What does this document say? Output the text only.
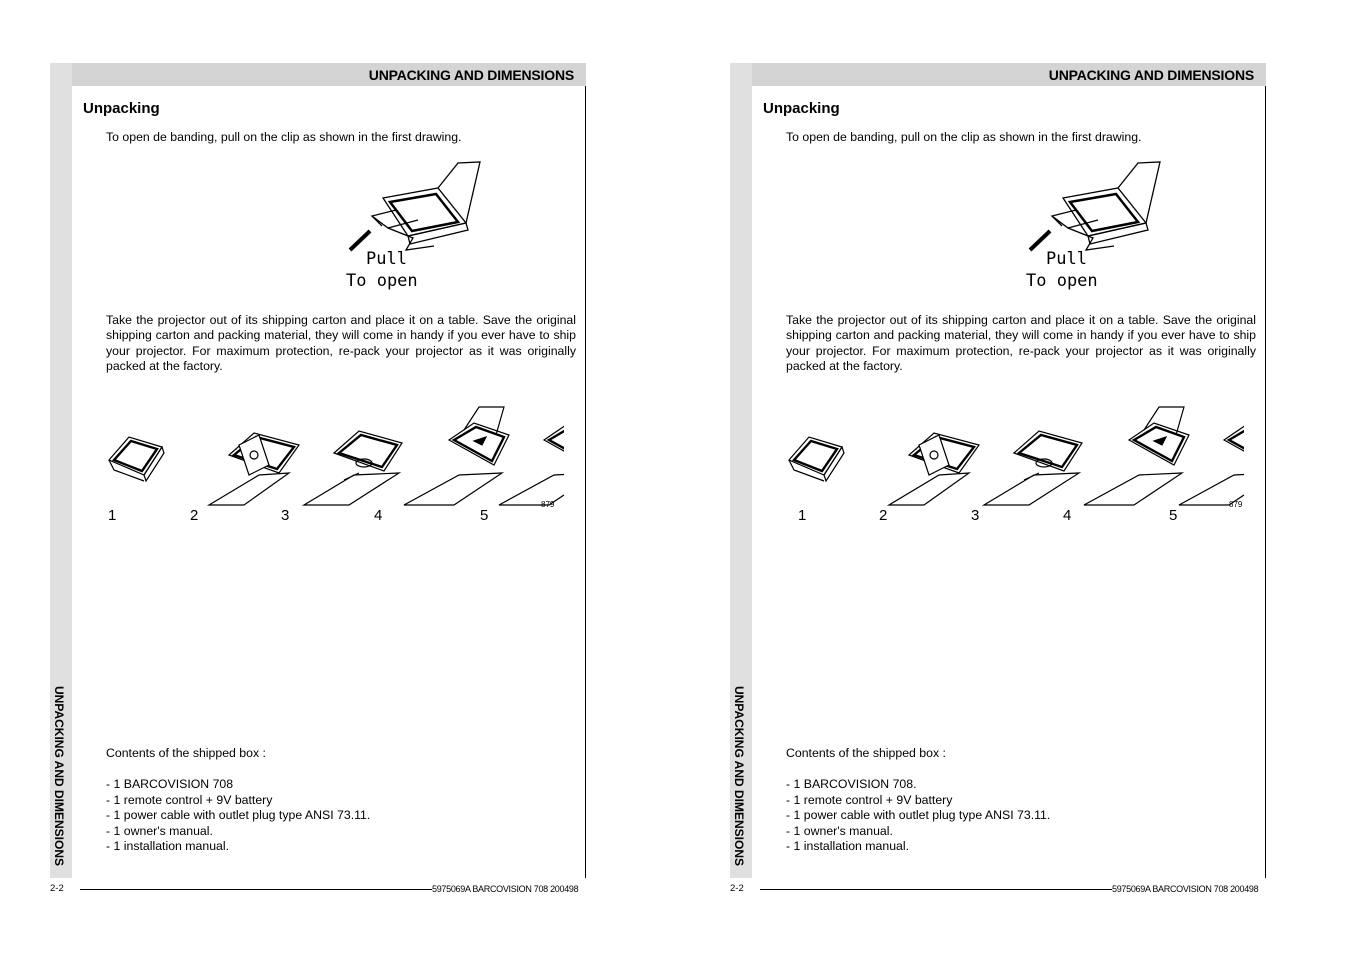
UNPACKING AND DIMENSIONS
UNPACKING AND DIMENSIONS
Unpacking
To open de banding, pull on the clip as shown in the first drawing.
Pull
To open
Take the projector out of its shipping carton and place it on a table. Save the original shipping carton and packing material, they will come in handy if you ever have to ship your projector. For maximum protection, re-pack your projector as it was originally packed at the factory.
1	2	3	4	5
879
Contents of the shipped box :
- 1 BARCOVISION 708
- 1 remote control + 9V battery
- 1 power cable with outlet plug type ANSI 73.11.
- 1 owner's manual.
- 1 installation manual.
2-2	5975069A BARCOVISION 708 200498
UNPACKING AND DIMENSIONS
UNPACKING AND DIMENSIONS
Unpacking
To open de banding, pull on the clip as shown in the first drawing.
Pull
To open
Take the projector out of its shipping carton and place it on a table. Save the original shipping carton and packing material, they will come in handy if you ever have to ship your projector. For maximum protection, re-pack your projector as it was originally packed at the factory.
1	2	3	4	5
879
Contents of the shipped box :
- 1 BARCOVISION 708.
- 1 remote control + 9V battery
- 1 power cable with outlet plug type ANSI 73.11.
- 1 owner's manual.
- 1 installation manual.
2-2	5975069A BARCOVISION 708 200498
